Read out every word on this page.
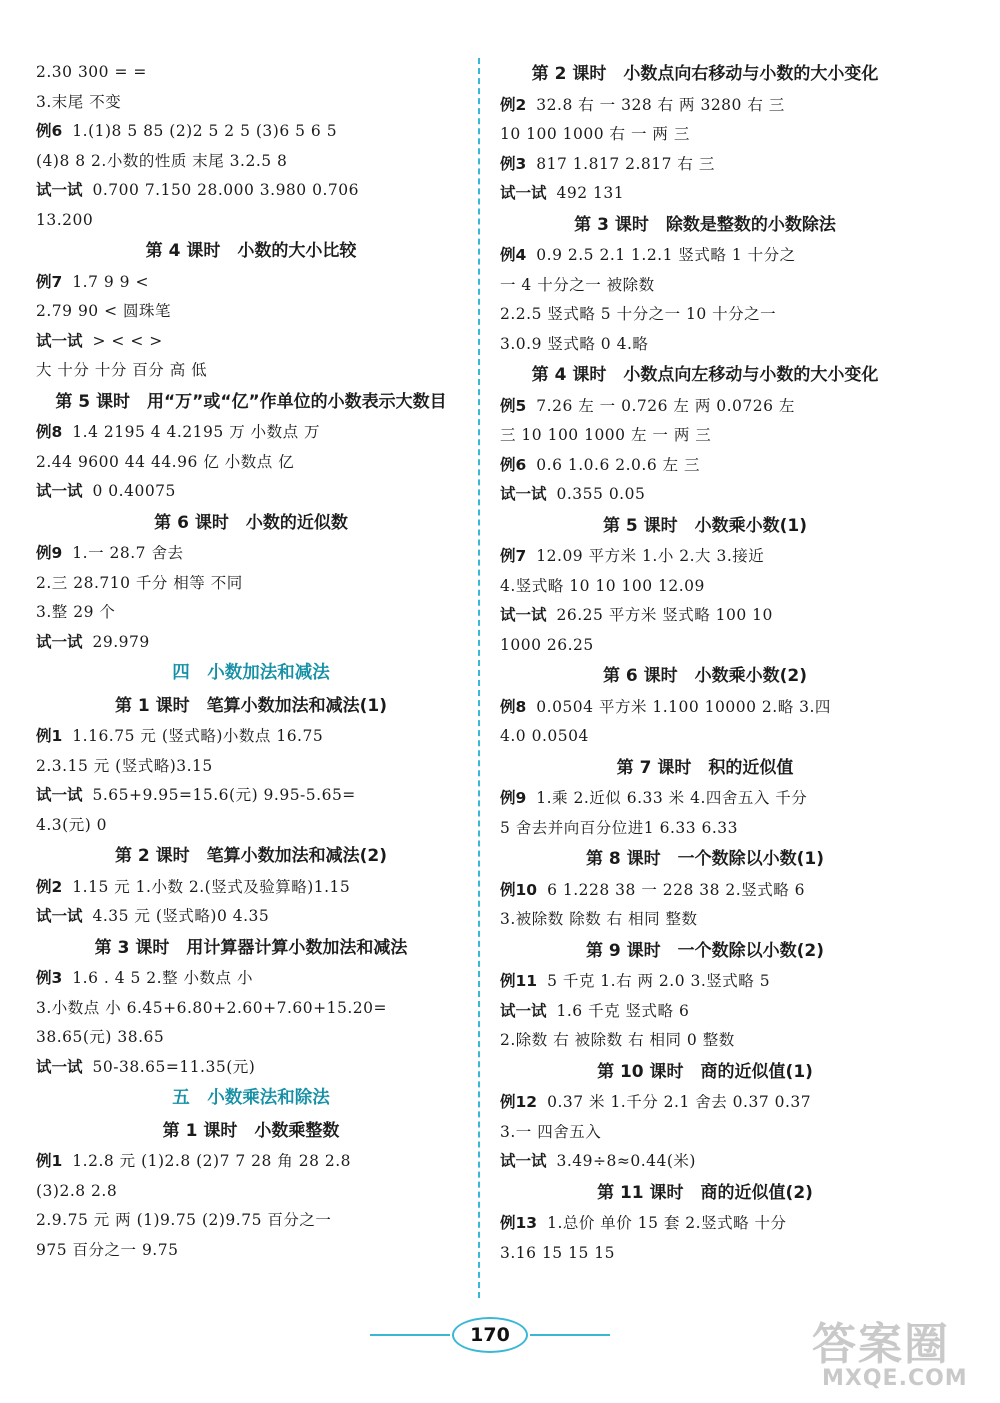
2.30 300 = =
3.末尾 不变
例6 1.(1)8 5 85 (2)2 5 2 5 (3)6 5 6 5
(4)8 8 2.小数的性质 末尾 3.2.5 8
试一试 0.700 7.150 28.000 3.980 0.706
13.200
第 4 课时　小数的大小比较
例7 1.7 9 9 <
2.79 90 < 圆珠笔
试一试 > < < >
大 十分 十分 百分 高 低
第 5 课时　用“万”或“亿”作单位的小数表示大数目
例8 1.4 2195 4 4.2195 万 小数点 万
2.44 9600 44 44.96 亿 小数点 亿
试一试 0 0.40075
第 6 课时　小数的近似数
例9 1.一 28.7 舍去
2.三 28.710 千分 相等 不同
3.整 29 个
试一试 29.979
四　小数加法和减法
第 1 课时　笔算小数加法和减法(1)
例1 1.16.75 元 (竖式略)小数点 16.75
2.3.15 元 (竖式略)3.15
试一试 5.65+9.95=15.6(元) 9.95-5.65=
4.3(元) 0
第 2 课时　笔算小数加法和减法(2)
例2 1.15 元 1.小数 2.(竖式及验算略)1.15
试一试 4.35 元 (竖式略)0 4.35
第 3 课时　用计算器计算小数加法和减法
例3 1.6 . 4 5 2.整 小数点 小
3.小数点 小 6.45+6.80+2.60+7.60+15.20=
38.65(元) 38.65
试一试 50-38.65=11.35(元)
五　小数乘法和除法
第 1 课时　小数乘整数
例1 1.2.8 元 (1)2.8 (2)7 7 28 角 28 2.8
(3)2.8 2.8
2.9.75 元 两 (1)9.75 (2)9.75 百分之一
975 百分之一 9.75
第 2 课时　小数点向右移动与小数的大小变化
例2 32.8 右 一 328 右 两 3280 右 三
10 100 1000 右 一 两 三
例3 817 1.817 2.817 右 三
试一试 492 131
第 3 课时　除数是整数的小数除法
例4 0.9 2.5 2.1 1.2.1 竖式略 1 十分之
一 4 十分之一 被除数
2.2.5 竖式略 5 十分之一 10 十分之一
3.0.9 竖式略 0 4.略
第 4 课时　小数点向左移动与小数的大小变化
例5 7.26 左 一 0.726 左 两 0.0726 左
三 10 100 1000 左 一 两 三
例6 0.6 1.0.6 2.0.6 左 三
试一试 0.355 0.05
第 5 课时　小数乘小数(1)
例7 12.09 平方米 1.小 2.大 3.接近
4.竖式略 10 10 100 12.09
试一试 26.25 平方米 竖式略 100 10
1000 26.25
第 6 课时　小数乘小数(2)
例8 0.0504 平方米 1.100 10000 2.略 3.四
4.0 0.0504
第 7 课时　积的近似值
例9 1.乘 2.近似 6.33 米 4.四舍五入 千分
5 舍去并向百分位进1 6.33 6.33
第 8 课时　一个数除以小数(1)
例10 6 1.228 38 一 228 38 2.竖式略 6
3.被除数 除数 右 相同 整数
第 9 课时　一个数除以小数(2)
例11 5 千克 1.右 两 2.0 3.竖式略 5
试一试 1.6 千克 竖式略 6
2.除数 右 被除数 右 相同 0 整数
第 10 课时　商的近似值(1)
例12 0.37 米 1.千分 2.1 舍去 0.37 0.37
3.一 四舍五入
试一试 3.49÷8≈0.44(米)
第 11 课时　商的近似值(2)
例13 1.总价 单价 15 套 2.竖式略 十分
3.16 15 15 15
170	答案圈
MXQE.COM
